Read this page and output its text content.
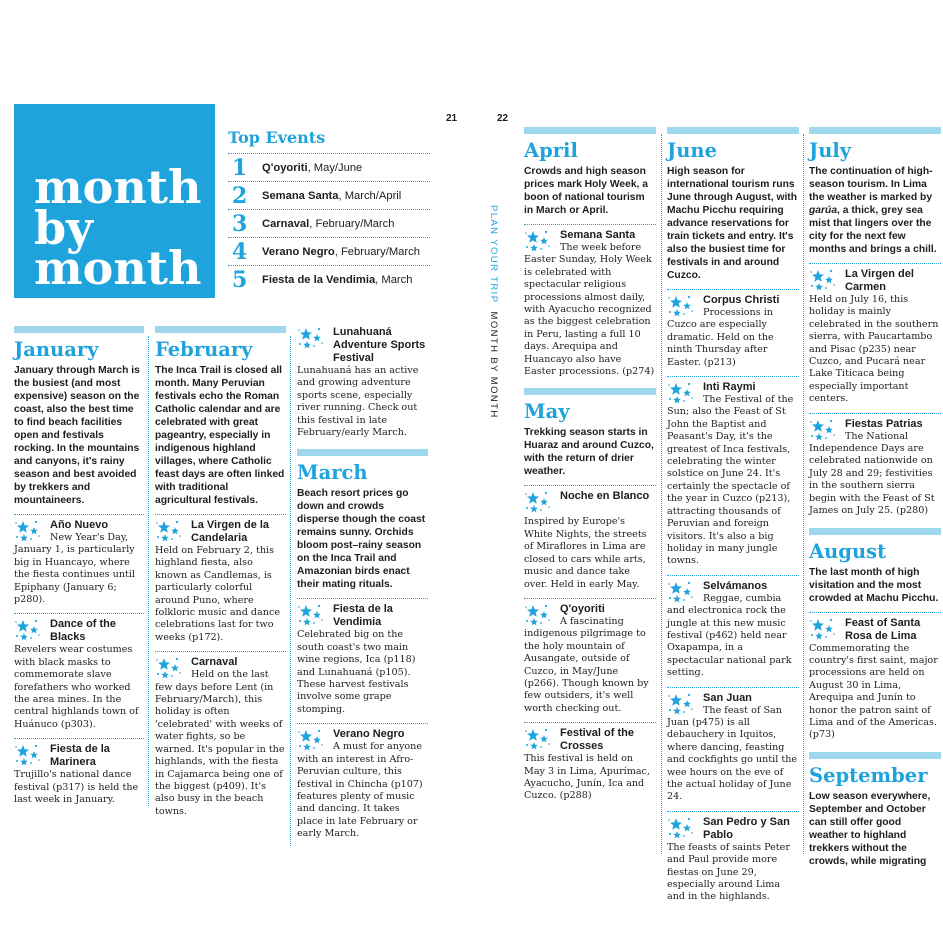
month
by
month
Top Events
1	Q'oyoriti, May/June
2	Semana Santa, March/April
3	Carnaval, February/March
4	Verano Negro, February/March
5	Fiesta de la Vendimia, March
21	22
PLAN YOUR TRIP  MONTH BY MONTH
January

January through March is the busiest (and most expensive) season on the coast, also the best time to find beach facilities open and festivals rocking. In the mountains and canyons, it's rainy season and best avoided by trekkers and mountaineers.

Año Nuevo

New Year's Day, January 1, is particularly big in Huancayo, where the fiesta continues until Epiphany (January 6; p280).

Dance of the Blacks

Revelers wear costumes with black masks to commemorate slave forefathers who worked the area mines. In the central highlands town of Huánuco (p303).

Fiesta de la Marinera

Trujillo's national dance festival (p317) is held the last week in January.

February

The Inca Trail is closed all month. Many Peruvian festivals echo the Roman Catholic calendar and are celebrated with great pageantry, especially in indigenous highland villages, where Catholic feast days are often linked with traditional agricultural festivals.

La Virgen de la Candelaria

Held on February 2, this highland fiesta, also known as Candlemas, is particularly colorful around Puno, where folkloric music and dance celebrations last for two weeks (p172).

Carnaval

Held on the last few days before Lent (in February/March), this holiday is often 'celebrated' with weeks of water fights, so be warned. It's popular in the highlands, with the fiesta in Cajamarca being one of the biggest (p409). It's also busy in the beach towns.

Lunahuaná Adventure Sports Festival

Lunahuaná has an active and growing adventure sports scene, especially river running. Check out this festival in late February/early March.

March

Beach resort prices go down and crowds disperse though the coast remains sunny. Orchids bloom post–rainy season on the Inca Trail and Amazonian birds enact their mating rituals.

Fiesta de la Vendimia

Celebrated big on the south coast's two main wine regions, Ica (p118) and Lunahuaná (p105). These harvest festivals involve some grape stomping.

Verano Negro

A must for anyone with an interest in Afro-Peruvian culture, this festival in Chincha (p107) features plenty of music and dancing. It takes place in late February or early March.

April

Crowds and high season prices mark Holy Week, a boon of national tourism in March or April.

Semana Santa

The week before Easter Sunday, Holy Week is celebrated with spectacular religious processions almost daily, with Ayacucho recognized as the biggest celebration in Peru, lasting a full 10 days. Arequipa and Huancayo also have Easter processions. (p274)

May

Trekking season starts in Huaraz and around Cuzco, with the return of drier weather.

Noche en Blanco

Inspired by Europe's White Nights, the streets of Miraflores in Lima are closed to cars while arts, music and dance take over. Held in early May.

Q'oyoriti

A fascinating indigenous pilgrimage to the holy mountain of Ausangate, outside of Cuzco, in May/June (p266). Though known by few outsiders, it's well worth checking out.

Festival of the Crosses

This festival is held on May 3 in Lima, Apurímac, Ayacucho, Junín, Ica and Cuzco. (p288)

June

High season for international tourism runs June through August, with Machu Picchu requiring advance reservations for train tickets and entry. It's also the busiest time for festivals in and around Cuzco.

Corpus Christi

Processions in Cuzco are especially dramatic. Held on the ninth Thursday after Easter. (p213)

Inti Raymi

The Festival of the Sun; also the Feast of St John the Baptist and Peasant's Day, it's the greatest of Inca festivals, celebrating the winter solstice on June 24. It's certainly the spectacle of the year in Cuzco (p213), attracting thousands of Peruvian and foreign visitors. It's also a big holiday in many jungle towns.

Selvámanos

Reggae, cumbia and electronica rock the jungle at this new music festival (p462) held near Oxapampa, in a spectacular national park setting.

San Juan

The feast of San Juan (p475) is all debauchery in Iquitos, where dancing, feasting and cockfights go until the wee hours on the eve of the actual holiday of June 24.

San Pedro y San Pablo

The feasts of saints Peter and Paul provide more fiestas on June 29, especially around Lima and in the highlands.

July

The continuation of high-season tourism. In Lima the weather is marked by garúa, a thick, grey sea mist that lingers over the city for the next few months and brings a chill.

La Virgen del Carmen

Held on July 16, this holiday is mainly celebrated in the southern sierra, with Paucartambo and Pisac (p235) near Cuzco, and Pucará near Lake Titicaca being especially important centers.

Fiestas Patrias

The National Independence Days are celebrated nationwide on July 28 and 29; festivities in the southern sierra begin with the Feast of St James on July 25. (p280)

August

The last month of high visitation and the most crowded at Machu Picchu.

Feast of Santa Rosa de Lima

Commemorating the country's first saint, major processions are held on August 30 in Lima, Arequipa and Junín to honor the patron saint of Lima and of the Americas. (p73)

September

Low season everywhere, September and October can still offer good weather to highland trekkers without the crowds, while migrating
